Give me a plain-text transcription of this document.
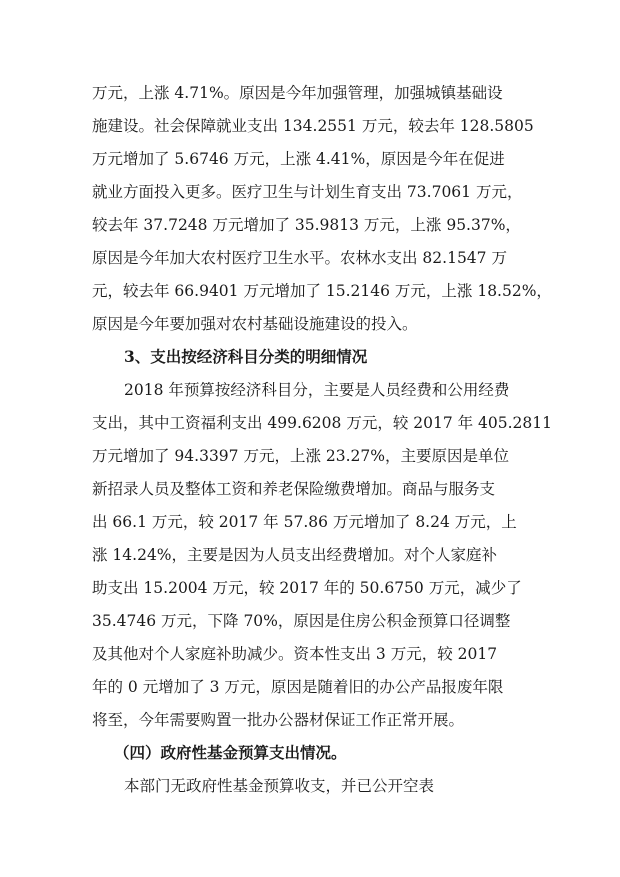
万元，上涨 4.71%。原因是今年加强管理，加强城镇基础设
施建设。社会保障就业支出 134.2551 万元，较去年 128.5805
万元增加了 5.6746 万元，上涨 4.41%，原因是今年在促进
就业方面投入更多。医疗卫生与计划生育支出 73.7061 万元，
较去年 37.7248 万元增加了 35.9813 万元，上涨 95.37%，
原因是今年加大农村医疗卫生水平。农林水支出 82.1547 万
元，较去年 66.9401 万元增加了 15.2146 万元，上涨 18.52%，
原因是今年要加强对农村基础设施建设的投入。
3、支出按经济科目分类的明细情况
2018 年预算按经济科目分，主要是人员经费和公用经费
支出，其中工资福利支出 499.6208 万元，较 2017 年 405.2811
万元增加了 94.3397 万元，上涨 23.27%，主要原因是单位
新招录人员及整体工资和养老保险缴费增加。商品与服务支
出 66.1 万元，较 2017 年 57.86 万元增加了 8.24 万元，上
涨 14.24%，主要是因为人员支出经费增加。对个人家庭补
助支出 15.2004 万元，较 2017 年的 50.6750 万元，减少了
35.4746 万元，下降 70%，原因是住房公积金预算口径调整
及其他对个人家庭补助减少。资本性支出 3 万元，较 2017
年的 0 元增加了 3 万元，原因是随着旧的办公产品报废年限
将至，今年需要购置一批办公器材保证工作正常开展。
（四）政府性基金预算支出情况。
本部门无政府性基金预算收支，并已公开空表
